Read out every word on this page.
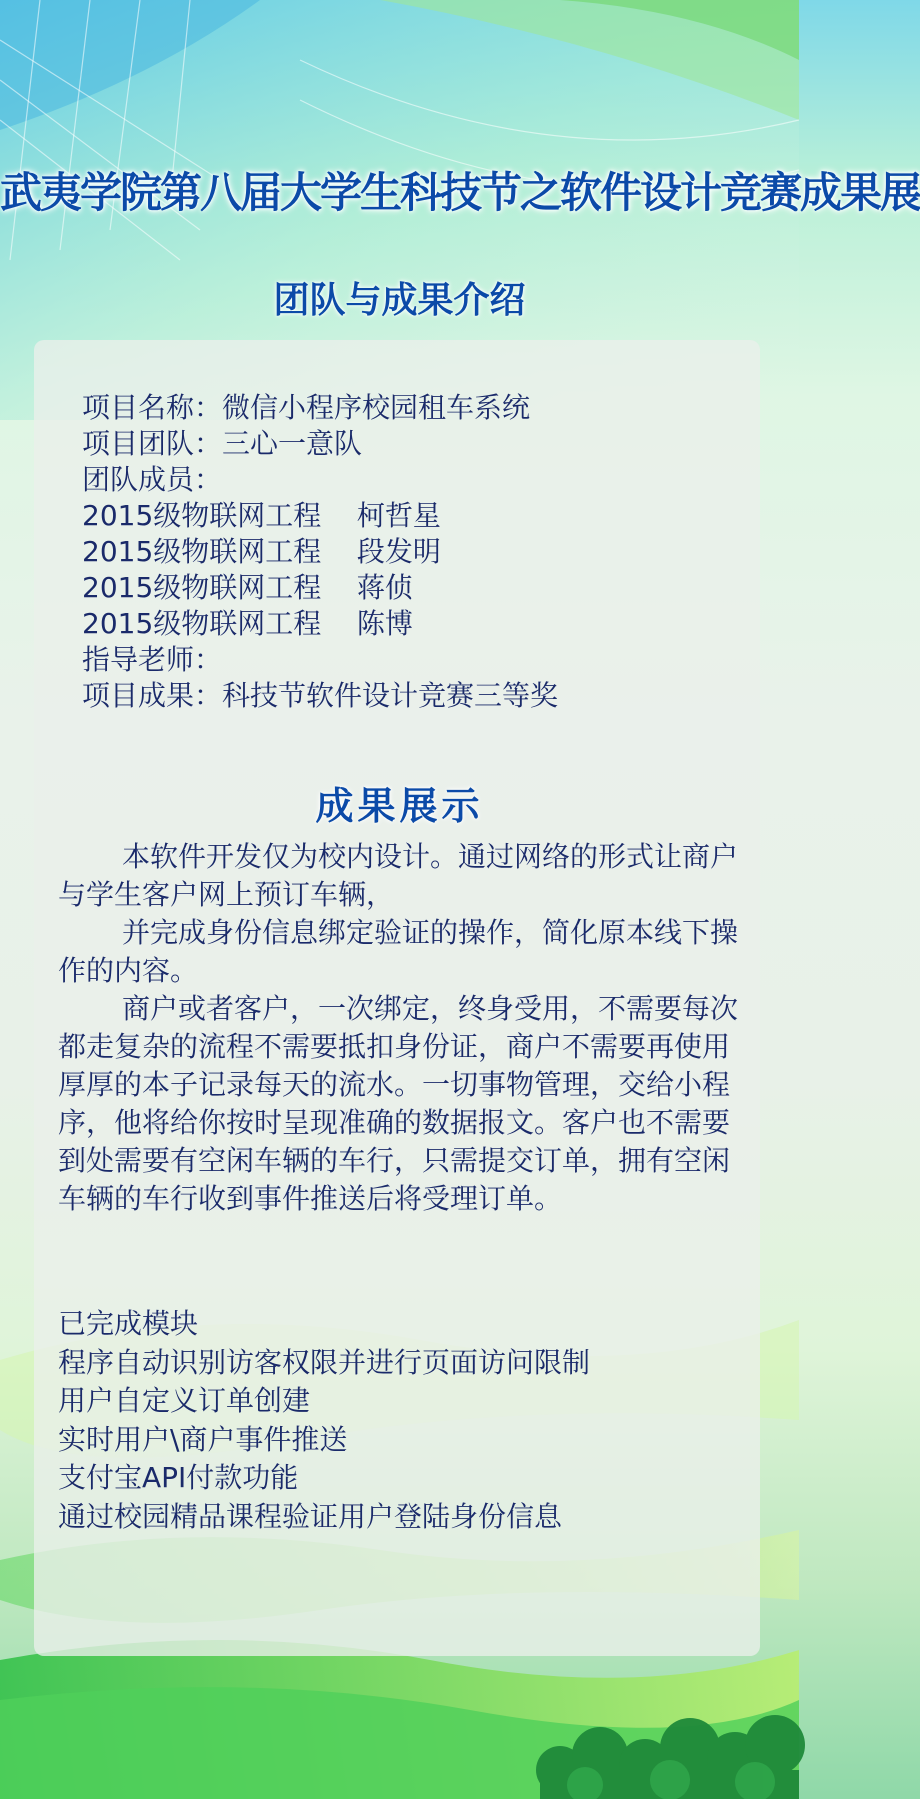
武夷学院第八届大学生科技节之软件设计竞赛成果展
团队与成果介绍
项目名称：微信小程序校园租车系统
项目团队：三心一意队
团队成员：
2015级物联网工程    柯哲星
2015级物联网工程    段发明
2015级物联网工程    蒋侦
2015级物联网工程    陈博
指导老师：
项目成果：科技节软件设计竞赛三等奖
成果展示

本软件开发仅为校内设计。通过网络的形式让商户与学生客户网上预订车辆，

并完成身份信息绑定验证的操作，简化原本线下操作的内容。

商户或者客户，一次绑定，终身受用，不需要每次都走复杂的流程不需要抵扣身份证，商户不需要再使用厚厚的本子记录每天的流水。一切事物管理，交给小程序，他将给你按时呈现准确的数据报文。客户也不需要到处需要有空闲车辆的车行，只需提交订单，拥有空闲车辆的车行收到事件推送后将受理订单。

已完成模块
程序自动识别访客权限并进行页面访问限制
用户自定义订单创建
实时用户\商户事件推送
支付宝API付款功能
通过校园精品课程验证用户登陆身份信息
